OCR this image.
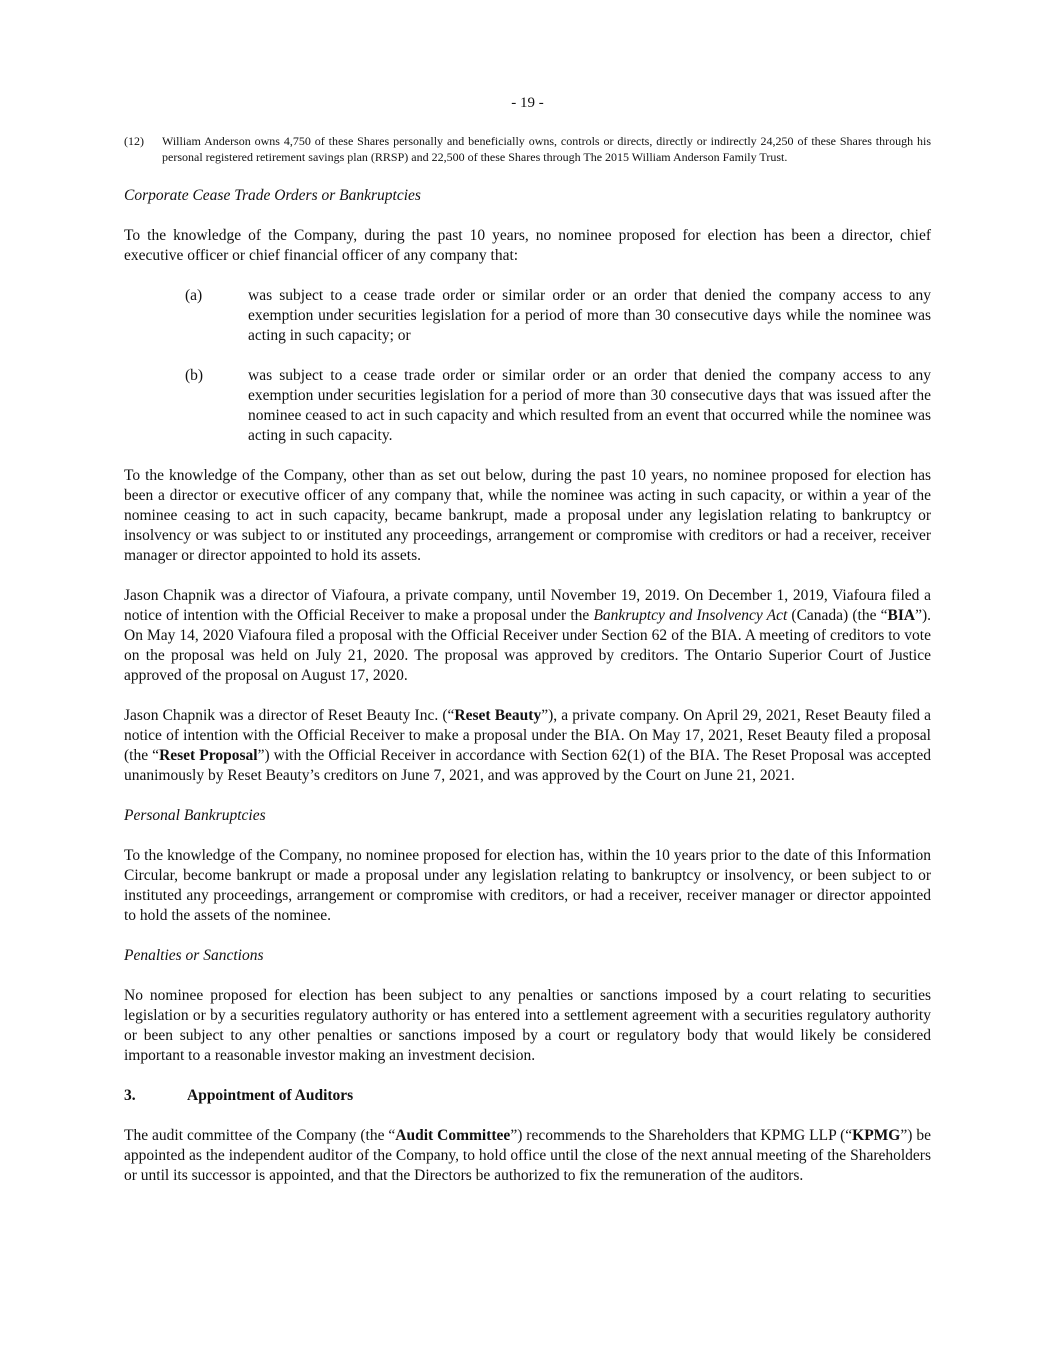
- 19 -
(12)	William Anderson owns 4,750 of these Shares personally and beneficially owns, controls or directs, directly or indirectly 24,250 of these Shares through his personal registered retirement savings plan (RRSP) and 22,500 of these Shares through The 2015 William Anderson Family Trust.
Corporate Cease Trade Orders or Bankruptcies

To the knowledge of the Company, during the past 10 years, no nominee proposed for election has been a director, chief executive officer or chief financial officer of any company that:

(a)	was subject to a cease trade order or similar order or an order that denied the company access to any exemption under securities legislation for a period of more than 30 consecutive days while the nominee was acting in such capacity; or
(b)	was subject to a cease trade order or similar order or an order that denied the company access to any exemption under securities legislation for a period of more than 30 consecutive days that was issued after the nominee ceased to act in such capacity and which resulted from an event that occurred while the nominee was acting in such capacity.

To the knowledge of the Company, other than as set out below, during the past 10 years, no nominee proposed for election has been a director or executive officer of any company that, while the nominee was acting in such capacity, or within a year of the nominee ceasing to act in such capacity, became bankrupt, made a proposal under any legislation relating to bankruptcy or insolvency or was subject to or instituted any proceedings, arrangement or compromise with creditors or had a receiver, receiver manager or director appointed to hold its assets.

Jason Chapnik was a director of Viafoura, a private company, until November 19, 2019. On December 1, 2019, Viafoura filed a notice of intention with the Official Receiver to make a proposal under the Bankruptcy and Insolvency Act (Canada) (the “BIA”). On May 14, 2020 Viafoura filed a proposal with the Official Receiver under Section 62 of the BIA. A meeting of creditors to vote on the proposal was held on July 21, 2020. The proposal was approved by creditors. The Ontario Superior Court of Justice approved of the proposal on August 17, 2020.

Jason Chapnik was a director of Reset Beauty Inc. (“Reset Beauty”), a private company. On April 29, 2021, Reset Beauty filed a notice of intention with the Official Receiver to make a proposal under the BIA. On May 17, 2021, Reset Beauty filed a proposal (the “Reset Proposal”) with the Official Receiver in accordance with Section 62(1) of the BIA. The Reset Proposal was accepted unanimously by Reset Beauty’s creditors on June 7, 2021, and was approved by the Court on June 21, 2021.

Personal Bankruptcies

To the knowledge of the Company, no nominee proposed for election has, within the 10 years prior to the date of this Information Circular, become bankrupt or made a proposal under any legislation relating to bankruptcy or insolvency, or been subject to or instituted any proceedings, arrangement or compromise with creditors, or had a receiver, receiver manager or director appointed to hold the assets of the nominee.

Penalties or Sanctions

No nominee proposed for election has been subject to any penalties or sanctions imposed by a court relating to securities legislation or by a securities regulatory authority or has entered into a settlement agreement with a securities regulatory authority or been subject to any other penalties or sanctions imposed by a court or regulatory body that would likely be considered important to a reasonable investor making an investment decision.

3.	Appointment of Auditors

The audit committee of the Company (the “Audit Committee”) recommends to the Shareholders that KPMG LLP (“KPMG”) be appointed as the independent auditor of the Company, to hold office until the close of the next annual meeting of the Shareholders or until its successor is appointed, and that the Directors be authorized to fix the remuneration of the auditors.
